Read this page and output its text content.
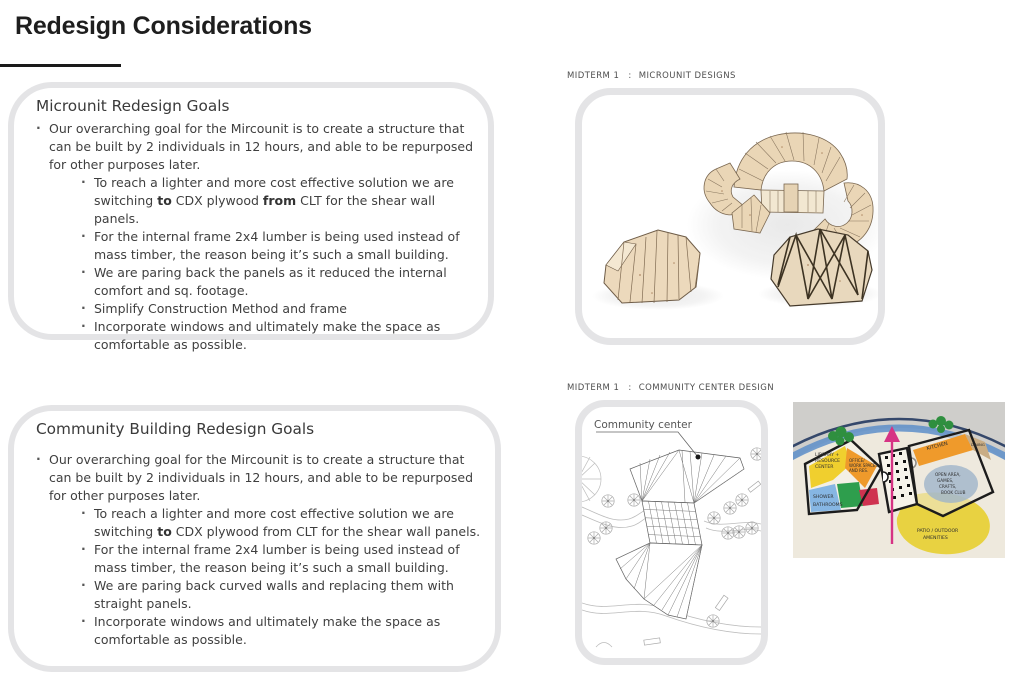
Redesign Considerations
Microunit Redesign Goals
· Our overarching goal for the Mircounit is to create a structure that can be built by 2 individuals in 12 hours, and able to be repurposed for other purposes later.
· To reach a lighter and more cost effective solution we are switching to CDX plywood from CLT for the shear wall panels.
· For the internal frame 2x4 lumber is being used instead of mass timber, the reason being it’s such a small building.
· We are paring back the panels as it reduced the internal comfort and sq. footage.
· Simplify Construction Method and frame
· Incorporate windows and ultimately make the space as comfortable as possible.
Community Building Redesign Goals
· Our overarching goal for the Mircounit is to create a structure that can be built by 2 individuals in 12 hours, and able to be repurposed for other purposes later.
· To reach a lighter and more cost effective solution we are switching to CDX plywood from CLT for the shear wall panels.
· For the internal frame 2x4 lumber is being used instead of mass timber, the reason being it’s such a small building.
· We are paring back curved walls and replacing them with straight panels.
· Incorporate windows and ultimately make the space as comfortable as possible.
MIDTERM 1 : MICROUNIT DESIGNS
MIDTERM 1 : COMMUNITY CENTER DESIGN
Community center
LIBRARY +
RESOURCE
CENTER
OFFICE/
WORK SPACES
AND RES.
SHOWER
BATHROOMS
KITCHEN	DINING
OPEN AREA,
GAMES,
CRAFTS,
BOOK CLUB
PATIO / OUTDOOR
AMENITIES
